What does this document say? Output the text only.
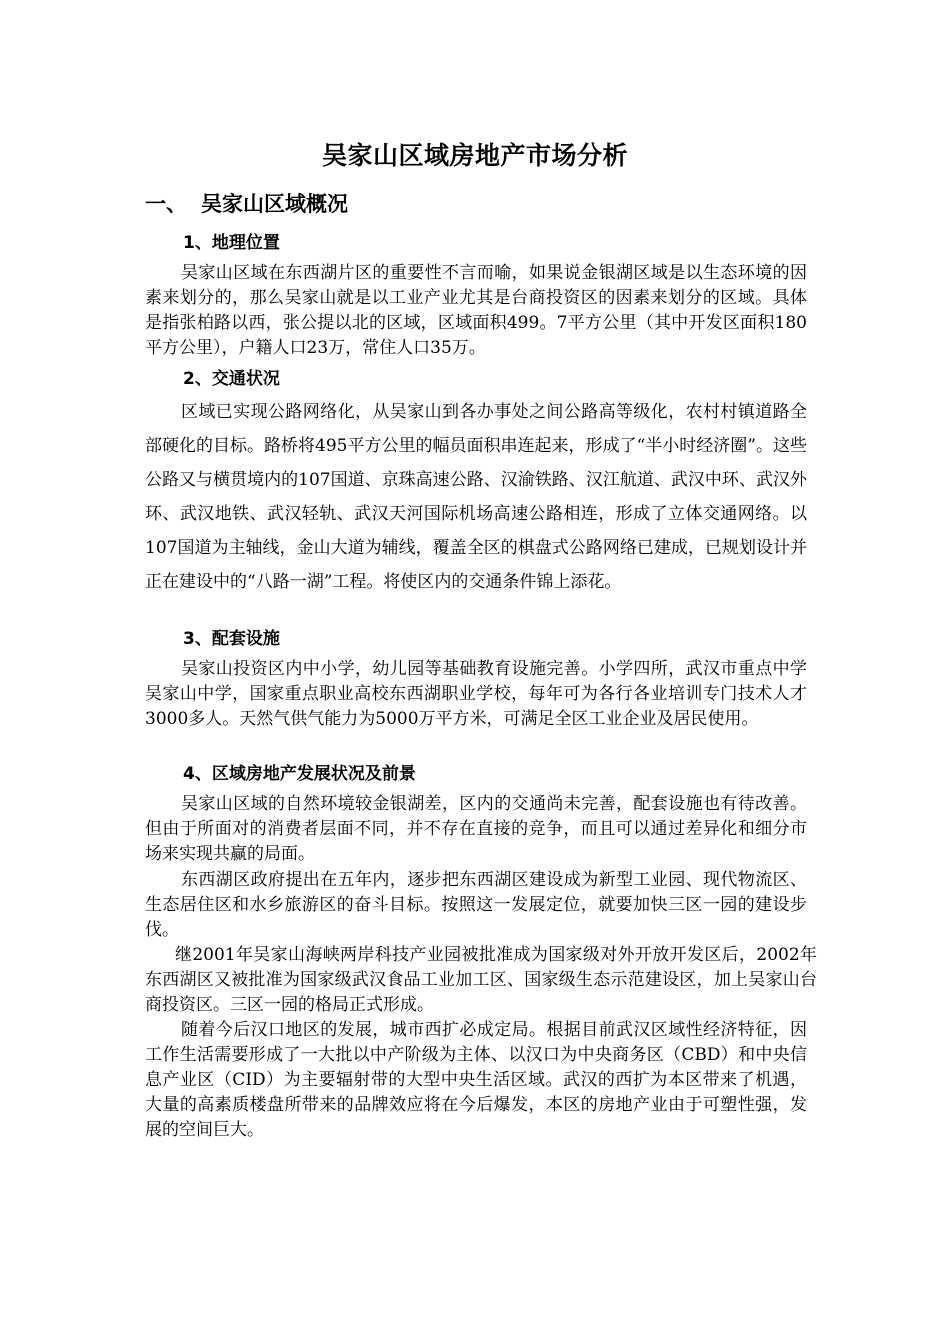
吴家山区域房地产市场分析
一、 吴家山区域概况
1、地理位置
吴家山区域在东西湖片区的重要性不言而喻，如果说金银湖区域是以生态环境的因素来划分的，那么吴家山就是以工业产业尤其是台商投资区的因素来划分的区域。具体是指张柏路以西，张公提以北的区域，区域面积499。7平方公里（其中开发区面积180平方公里），户籍人口23万，常住人口35万。
2、交通状况
区域已实现公路网络化，从吴家山到各办事处之间公路高等级化，农村村镇道路全部硬化的目标。路桥将495平方公里的幅员面积串连起来，形成了“半小时经济圈”。这些公路又与横贯境内的107国道、京珠高速公路、汉渝铁路、汉江航道、武汉中环、武汉外环、武汉地铁、武汉轻轨、武汉天河国际机场高速公路相连，形成了立体交通网络。以107国道为主轴线，金山大道为辅线，覆盖全区的棋盘式公路网络已建成，已规划设计并正在建设中的“八路一湖”工程。将使区内的交通条件锦上添花。
3、配套设施
吴家山投资区内中小学，幼儿园等基础教育设施完善。小学四所，武汉市重点中学吴家山中学，国家重点职业高校东西湖职业学校，每年可为各行各业培训专门技术人才3000多人。天然气供气能力为5000万平方米，可满足全区工业企业及居民使用。
4、区域房地产发展状况及前景
吴家山区域的自然环境较金银湖差，区内的交通尚未完善，配套设施也有待改善。但由于所面对的消费者层面不同，并不存在直接的竞争，而且可以通过差异化和细分市场来实现共赢的局面。
东西湖区政府提出在五年内，逐步把东西湖区建设成为新型工业园、现代物流区、生态居住区和水乡旅游区的奋斗目标。按照这一发展定位，就要加快三区一园的建设步伐。
继2001年吴家山海峡两岸科技产业园被批准成为国家级对外开放开发区后，2002年东西湖区又被批准为国家级武汉食品工业加工区、国家级生态示范建设区，加上吴家山台商投资区。三区一园的格局正式形成。
随着今后汉口地区的发展，城市西扩必成定局。根据目前武汉区域性经济特征，因工作生活需要形成了一大批以中产阶级为主体、以汉口为中央商务区（CBD）和中央信息产业区（CID）为主要辐射带的大型中央生活区域。武汉的西扩为本区带来了机遇，大量的高素质楼盘所带来的品牌效应将在今后爆发，本区的房地产业由于可塑性强，发展的空间巨大。
